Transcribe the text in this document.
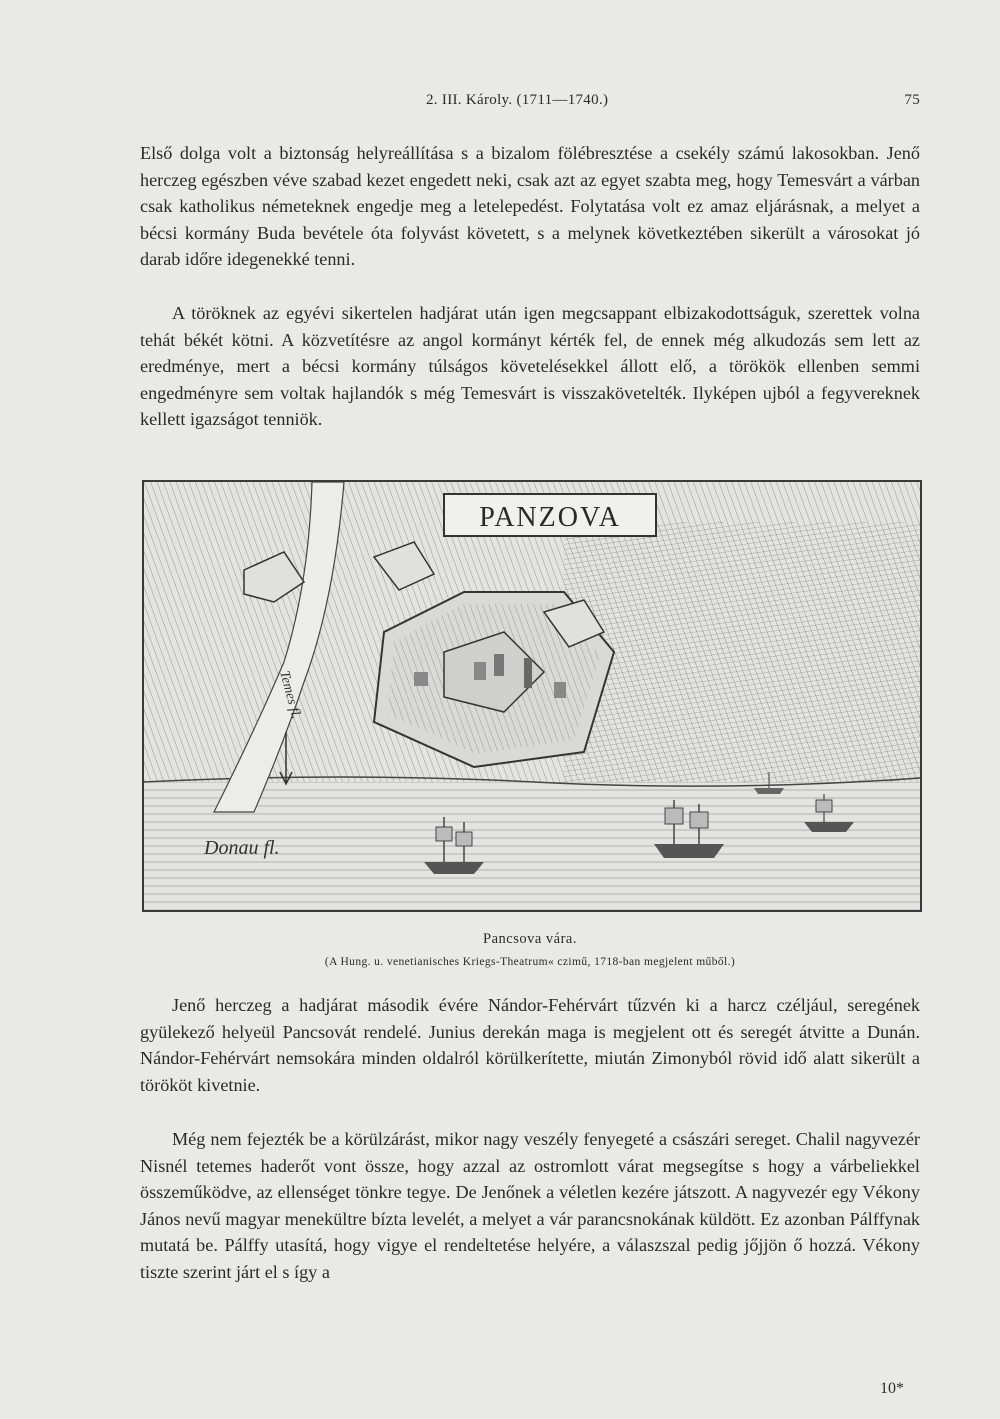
2. III. Károly. (1711—1740.)	75

Első dolga volt a biztonság helyreállítása s a bizalom fölébresztése a csekély számú lakosokban. Jenő herczeg egészben véve szabad kezet engedett neki, csak azt az egyet szabta meg, hogy Temesvárt a várban csak katholikus németeknek engedje meg a letelepedést. Folytatása volt ez amaz eljárásnak, a melyet a bécsi kormány Buda bevétele óta folyvást követett, s a melynek következtében sikerült a városokat jó darab időre idegenekké tenni.

A töröknek az egyévi sikertelen hadjárat után igen megcsappant elbizakodottságuk, szerettek volna tehát békét kötni. A közvetítésre az angol kormányt kérték fel, de ennek még alkudozás sem lett az eredménye, mert a bécsi kormány túlságos követelésekkel állott elő, a törökök ellenben semmi engedményre sem voltak hajlandók s még Temesvárt is visszakövetelték. Ilyképen ujból a fegyvereknek kellett igazságot tenniök.

PANZOVA
Temes fl.
Donau fl.
Pancsova vára.
(A Hung. u. venetianisches Kriegs-Theatrum« czimű, 1718-ban megjelent műből.)

Jenő herczeg a hadjárat második évére Nándor-Fehérvárt tűzvén ki a harcz czéljául, seregének gyülekező helyeül Pancsovát rendelé. Junius derekán maga is megjelent ott és seregét átvitte a Dunán. Nándor-Fehérvárt nemsokára minden oldalról körülkerítette, miután Zimonyból rövid idő alatt sikerült a törököt kivetnie.

Még nem fejezték be a körülzárást, mikor nagy veszély fenyegeté a császári sereget. Chalil nagyvezér Nisnél tetemes haderőt vont össze, hogy azzal az ostromlott várat megsegítse s hogy a várbeliekkel összeműködve, az ellenséget tönkre tegye. De Jenőnek a véletlen kezére játszott. A nagyvezér egy Vékony János nevű magyar menekültre bízta levelét, a melyet a vár parancsnokának küldött. Ez azonban Pálffynak mutatá be. Pálffy utasítá, hogy vigye el rendeltetése helyére, a válaszszal pedig jőjjön ő hozzá. Vékony tiszte szerint járt el s így a

10*
